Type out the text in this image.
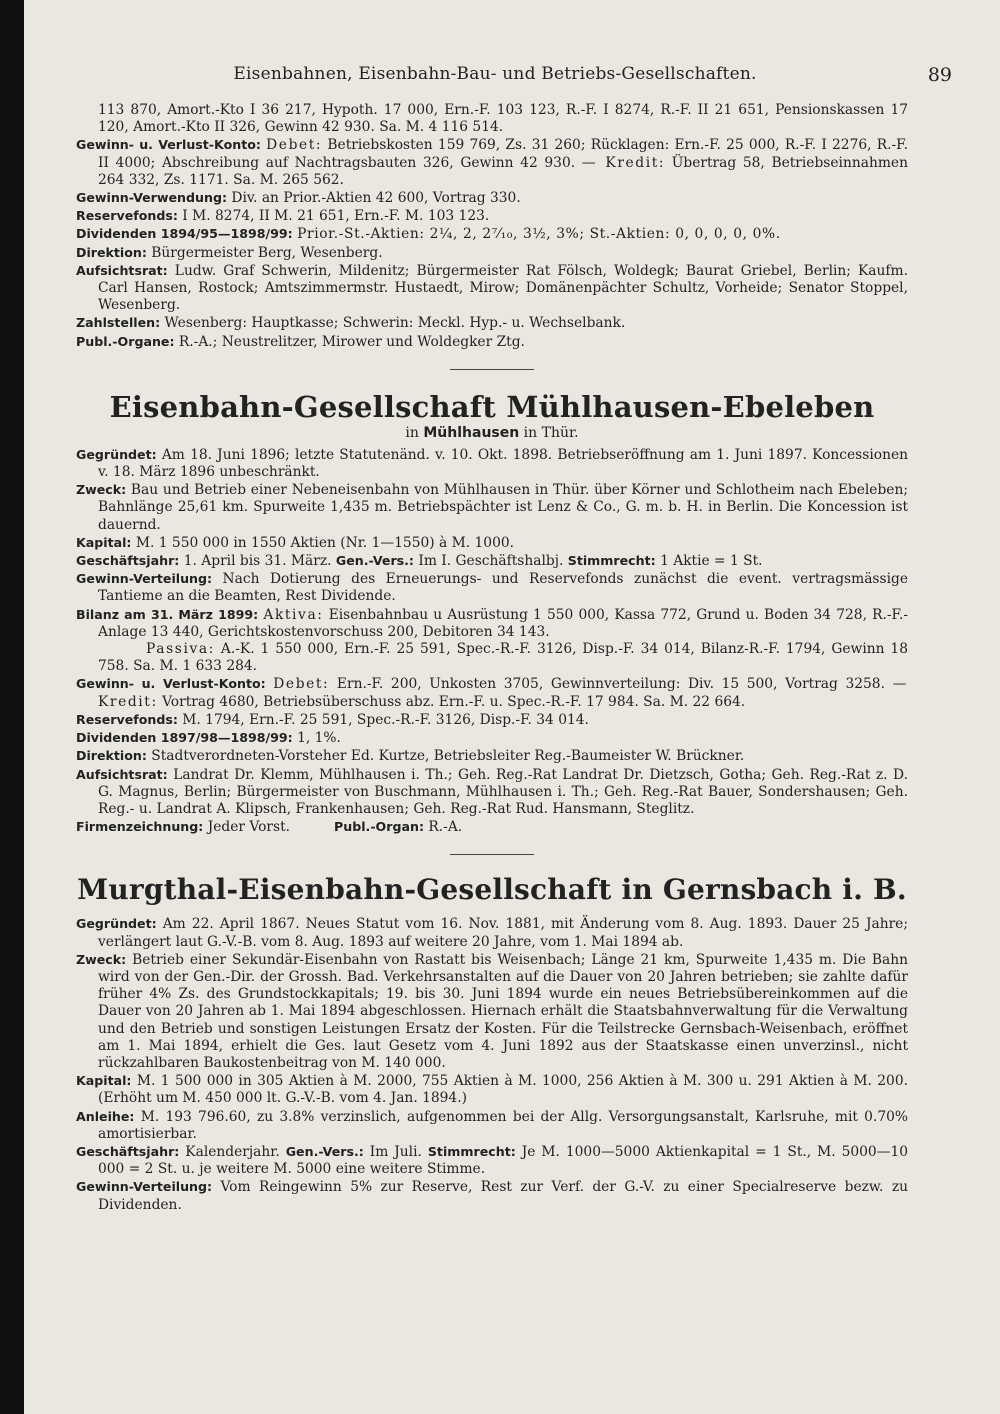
Eisenbahnen, Eisenbahn-Bau- und Betriebs-Gesellschaften.	89

113 870, Amort.-Kto I 36 217, Hypoth. 17 000, Ern.-F. 103 123, R.-F. I 8274, R.-F. II 21 651, Pensionskassen 17 120, Amort.-Kto II 326, Gewinn 42 930. Sa. M. 4 116 514.

Gewinn- u. Verlust-Konto: Debet: Betriebskosten 159 769, Zs. 31 260; Rücklagen: Ern.-F. 25 000, R.-F. I 2276, R.-F. II 4000; Abschreibung auf Nachtragsbauten 326, Gewinn 42 930. — Kredit: Übertrag 58, Betriebseinnahmen 264 332, Zs. 1171. Sa. M. 265 562.

Gewinn-Verwendung: Div. an Prior.-Aktien 42 600, Vortrag 330.

Reservefonds: I M. 8274, II M. 21 651, Ern.-F. M. 103 123.

Dividenden 1894/95—1898/99: Prior.-St.-Aktien: 2¼, 2, 2⁷⁄₁₀, 3½, 3%; St.-Aktien: 0, 0, 0, 0, 0%.

Direktion: Bürgermeister Berg, Wesenberg.

Aufsichtsrat: Ludw. Graf Schwerin, Mildenitz; Bürgermeister Rat Fölsch, Woldegk; Baurat Griebel, Berlin; Kaufm. Carl Hansen, Rostock; Amtszimmermstr. Hustaedt, Mirow; Domänenpächter Schultz, Vorheide; Senator Stoppel, Wesenberg.

Zahlstellen: Wesenberg: Hauptkasse; Schwerin: Meckl. Hyp.- u. Wechselbank.

Publ.-Organe: R.-A.; Neustrelitzer, Mirower und Woldegker Ztg.

Eisenbahn-Gesellschaft Mühlhausen-Ebeleben
in Mühlhausen in Thür.

Gegründet: Am 18. Juni 1896; letzte Statutenänd. v. 10. Okt. 1898. Betriebseröffnung am 1. Juni 1897. Koncessionen v. 18. März 1896 unbeschränkt.

Zweck: Bau und Betrieb einer Nebeneisenbahn von Mühlhausen in Thür. über Körner und Schlotheim nach Ebeleben; Bahnlänge 25,61 km. Spurweite 1,435 m. Betriebspächter ist Lenz & Co., G. m. b. H. in Berlin. Die Koncession ist dauernd.

Kapital: M. 1 550 000 in 1550 Aktien (Nr. 1—1550) à M. 1000.

Geschäftsjahr: 1. April bis 31. März. Gen.-Vers.: Im I. Geschäftshalbj. Stimmrecht: 1 Aktie = 1 St.

Gewinn-Verteilung: Nach Dotierung des Erneuerungs- und Reservefonds zunächst die event. vertragsmässige Tantieme an die Beamten, Rest Dividende.

Bilanz am 31. März 1899: Aktiva: Eisenbahnbau u Ausrüstung 1 550 000, Kassa 772, Grund u. Boden 34 728, R.-F.-Anlage 13 440, Gerichtskostenvorschuss 200, Debitoren 34 143.

Passiva: A.-K. 1 550 000, Ern.-F. 25 591, Spec.-R.-F. 3126, Disp.-F. 34 014, Bilanz-R.-F. 1794, Gewinn 18 758. Sa. M. 1 633 284.

Gewinn- u. Verlust-Konto: Debet: Ern.-F. 200, Unkosten 3705, Gewinnverteilung: Div. 15 500, Vortrag 3258. — Kredit: Vortrag 4680, Betriebsüberschuss abz. Ern.-F. u. Spec.-R.-F. 17 984. Sa. M. 22 664.

Reservefonds: M. 1794, Ern.-F. 25 591, Spec.-R.-F. 3126, Disp.-F. 34 014.

Dividenden 1897/98—1898/99: 1, 1%.

Direktion: Stadtverordneten-Vorsteher Ed. Kurtze, Betriebsleiter Reg.-Baumeister W. Brückner.

Aufsichtsrat: Landrat Dr. Klemm, Mühlhausen i. Th.; Geh. Reg.-Rat Landrat Dr. Dietzsch, Gotha; Geh. Reg.-Rat z. D. G. Magnus, Berlin; Bürgermeister von Buschmann, Mühlhausen i. Th.; Geh. Reg.-Rat Bauer, Sondershausen; Geh. Reg.- u. Landrat A. Klipsch, Frankenhausen; Geh. Reg.-Rat Rud. Hansmann, Steglitz.

Firmenzeichnung: Jeder Vorst.	Publ.-Organ: R.-A.

Murgthal-Eisenbahn-Gesellschaft in Gernsbach i. B.

Gegründet: Am 22. April 1867. Neues Statut vom 16. Nov. 1881, mit Änderung vom 8. Aug. 1893. Dauer 25 Jahre; verlängert laut G.-V.-B. vom 8. Aug. 1893 auf weitere 20 Jahre, vom 1. Mai 1894 ab.

Zweck: Betrieb einer Sekundär-Eisenbahn von Rastatt bis Weisenbach; Länge 21 km, Spurweite 1,435 m. Die Bahn wird von der Gen.-Dir. der Grossh. Bad. Verkehrsanstalten auf die Dauer von 20 Jahren betrieben; sie zahlte dafür früher 4% Zs. des Grundstockkapitals; 19. bis 30. Juni 1894 wurde ein neues Betriebsübereinkommen auf die Dauer von 20 Jahren ab 1. Mai 1894 abgeschlossen. Hiernach erhält die Staatsbahnverwaltung für die Verwaltung und den Betrieb und sonstigen Leistungen Ersatz der Kosten. Für die Teilstrecke Gernsbach-Weisenbach, eröffnet am 1. Mai 1894, erhielt die Ges. laut Gesetz vom 4. Juni 1892 aus der Staatskasse einen unverzinsl., nicht rückzahlbaren Baukostenbeitrag von M. 140 000.

Kapital: M. 1 500 000 in 305 Aktien à M. 2000, 755 Aktien à M. 1000, 256 Aktien à M. 300 u. 291 Aktien à M. 200. (Erhöht um M. 450 000 lt. G.-V.-B. vom 4. Jan. 1894.)

Anleihe: M. 193 796.60, zu 3.8% verzinslich, aufgenommen bei der Allg. Versorgungsanstalt, Karlsruhe, mit 0.70% amortisierbar.

Geschäftsjahr: Kalenderjahr. Gen.-Vers.: Im Juli. Stimmrecht: Je M. 1000—5000 Aktienkapital = 1 St., M. 5000—10 000 = 2 St. u. je weitere M. 5000 eine weitere Stimme.

Gewinn-Verteilung: Vom Reingewinn 5% zur Reserve, Rest zur Verf. der G.-V. zu einer Specialreserve bezw. zu Dividenden.
